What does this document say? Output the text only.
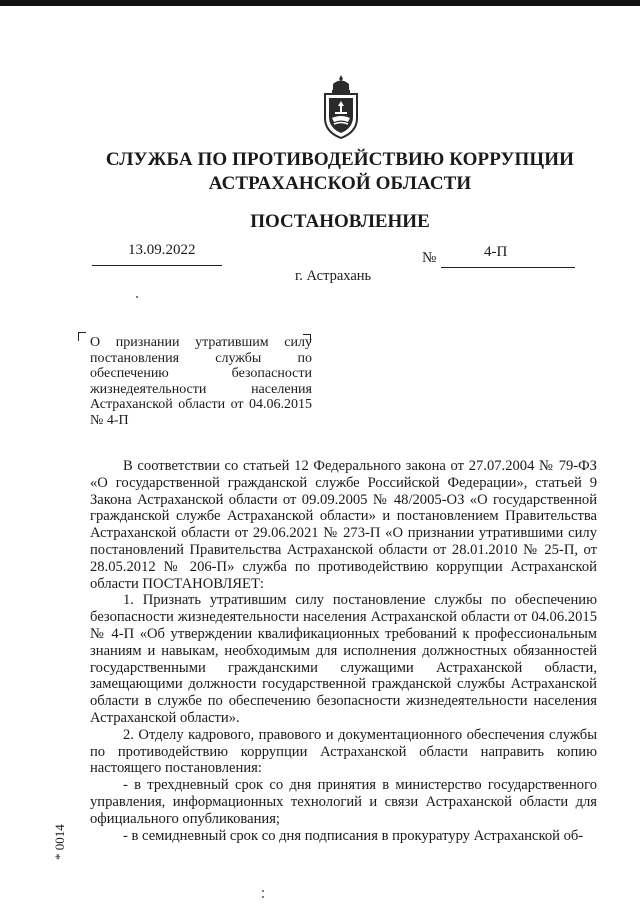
СЛУЖБА ПО ПРОТИВОДЕЙСТВИЮ КОРРУПЦИИ
АСТРАХАНСКОЙ ОБЛАСТИ
ПОСТАНОВЛЕНИЕ
13.09.2022	№	4-П
г. Астрахань
О признании утратившим силу постановления службы по обеспечению безопасности жизнедеятельности населения Астраханской области от 04.06.2015 № 4-П

В соответствии со статьей 12 Федерального закона от 27.07.2004 № 79-ФЗ «О государственной гражданской службе Российской Федерации», статьей 9 Закона Астраханской области от 09.09.2005 № 48/2005-ОЗ «О государственной гражданской службе Астраханской области» и постановлением Правительства Астраханской области от 29.06.2021 № 273-П «О признании утратившими силу постановлений Правительства Астраханской области от 28.01.2010 № 25-П, от 28.05.2012 № 206-П» служба по противодействию коррупции Астраханской области ПОСТАНОВЛЯЕТ:

1. Признать утратившим силу постановление службы по обеспечению безопасности жизнедеятельности населения Астраханской области от 04.06.2015 № 4-П «Об утверждении квалификационных требований к профессиональным знаниям и навыкам, необходимым для исполнения должностных обязанностей государственными гражданскими служащими Астраханской области, замещающими должности государственной гражданской службы Астраханской области в службе по обеспечению безопасности жизнедеятельности населения Астраханской области».

2. Отделу кадрового, правового и документационного обеспечения службы по противодействию коррупции Астраханской области направить копию настоящего постановления:

- в трехдневный срок со дня принятия в министерство государственного управления, информационных технологий и связи Астраханской области для официального опубликования;

- в семидневный срок со дня подписания в прокуратуру Астраханской об-

* 0014
